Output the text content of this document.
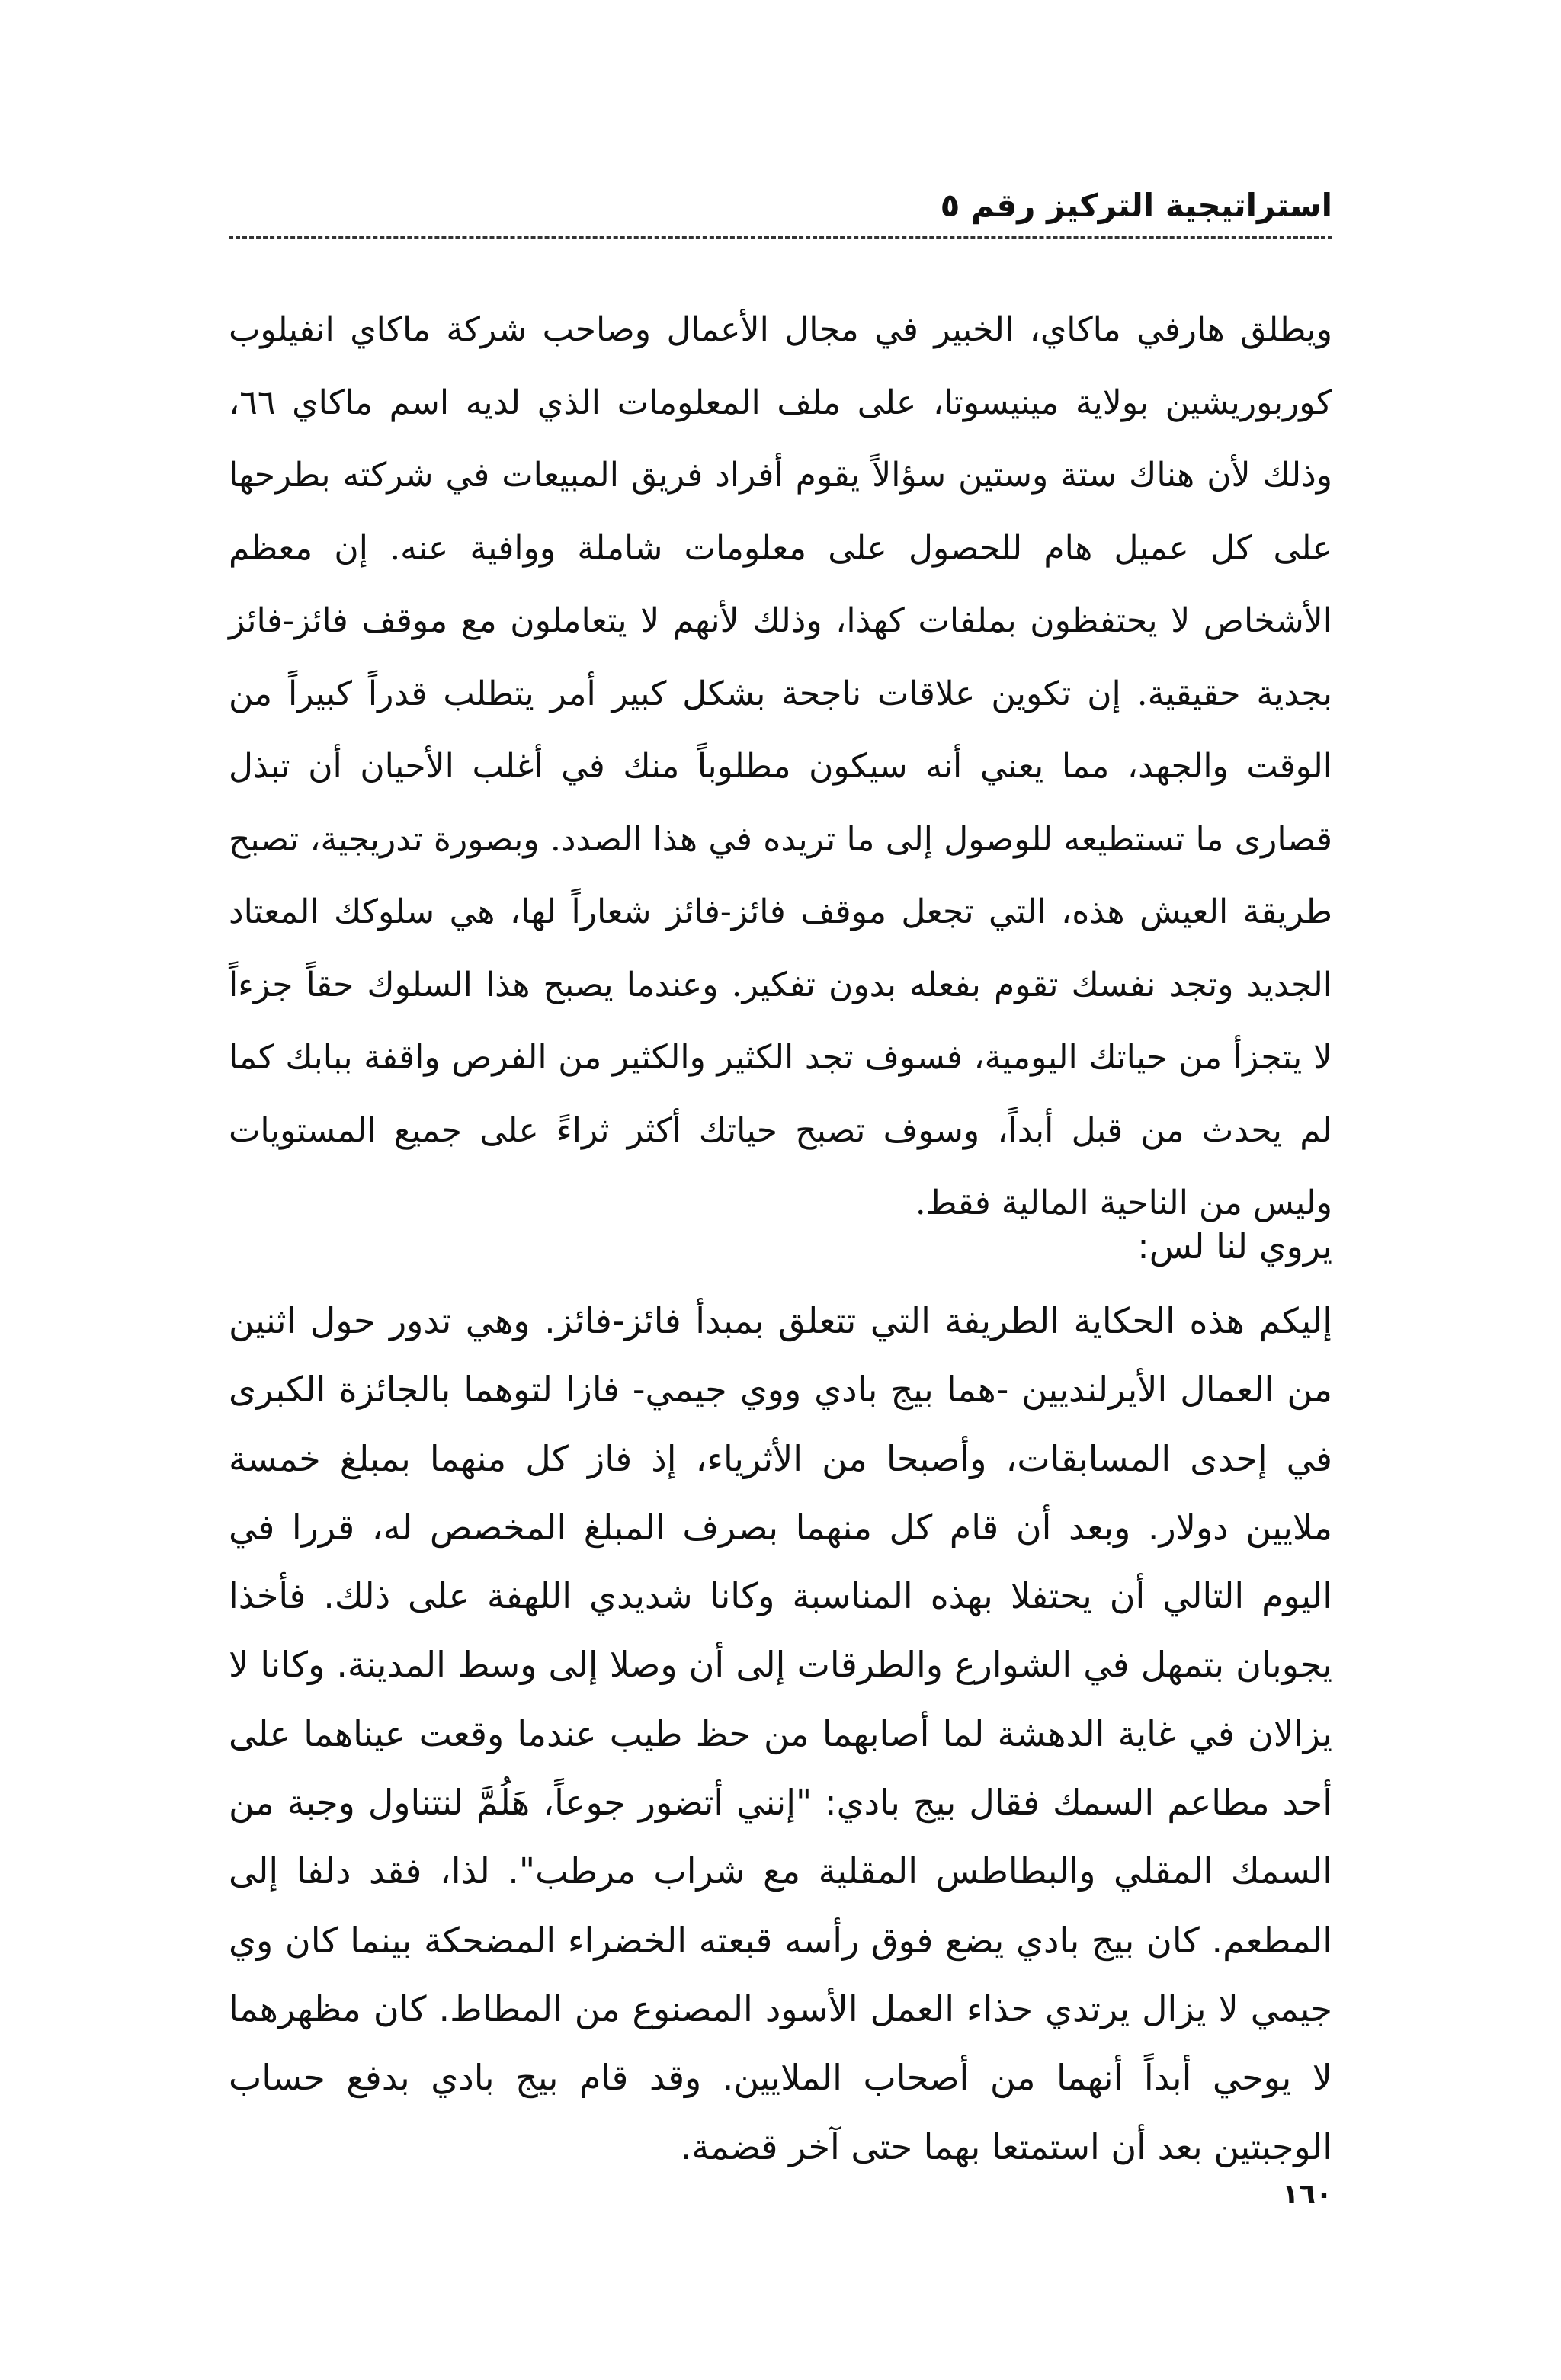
استراتيجية التركيز رقم ٥

ويطلق هارفي ماكاي، الخبير في مجال الأعمال وصاحب شركة ماكاي انفيلوب كوربوريشين بولاية مينيسوتا، على ملف المعلومات الذي لديه اسم ماكاي ٦٦، وذلك لأن هناك ستة وستين سؤالاً يقوم أفراد فريق المبيعات في شركته بطرحها على كل عميل هام للحصول على معلومات شاملة ووافية عنه. إن معظم الأشخاص لا يحتفظون بملفات كهذا، وذلك لأنهم لا يتعاملون مع موقف فائز-فائز بجدية حقيقية. إن تكوين علاقات ناجحة بشكل كبير أمر يتطلب قدراً كبيراً من الوقت والجهد، مما يعني أنه سيكون مطلوباً منك في أغلب الأحيان أن تبذل قصارى ما تستطيعه للوصول إلى ما تريده في هذا الصدد. وبصورة تدريجية، تصبح طريقة العيش هذه، التي تجعل موقف فائز-فائز شعاراً لها، هي سلوكك المعتاد الجديد وتجد نفسك تقوم بفعله بدون تفكير. وعندما يصبح هذا السلوك حقاً جزءاً لا يتجزأ من حياتك اليومية، فسوف تجد الكثير والكثير من الفرص واقفة ببابك كما لم يحدث من قبل أبداً، وسوف تصبح حياتك أكثر ثراءً على جميع المستويات وليس من الناحية المالية فقط.

يروي لنا لس:

إليكم هذه الحكاية الطريفة التي تتعلق بمبدأ فائز-فائز. وهي تدور حول اثنين من العمال الأيرلنديين -هما بيج بادي ووي جيمي- فازا لتوهما بالجائزة الكبرى في إحدى المسابقات، وأصبحا من الأثرياء، إذ فاز كل منهما بمبلغ خمسة ملايين دولار. وبعد أن قام كل منهما بصرف المبلغ المخصص له، قررا في اليوم التالي أن يحتفلا بهذه المناسبة وكانا شديدي اللهفة على ذلك. فأخذا يجوبان بتمهل في الشوارع والطرقات إلى أن وصلا إلى وسط المدينة. وكانا لا يزالان في غاية الدهشة لما أصابهما من حظ طيب عندما وقعت عيناهما على أحد مطاعم السمك فقال بيج بادي: "إنني أتضور جوعاً، هَلُمَّ لنتناول وجبة من السمك المقلي والبطاطس المقلية مع شراب مرطب". لذا، فقد دلفا إلى المطعم. كان بيج بادي يضع فوق رأسه قبعته الخضراء المضحكة بينما كان وي جيمي لا يزال يرتدي حذاء العمل الأسود المصنوع من المطاط. كان مظهرهما لا يوحي أبداً أنهما من أصحاب الملايين. وقد قام بيج بادي بدفع حساب الوجبتين بعد أن استمتعا بهما حتى آخر قضمة.

١٦٠
